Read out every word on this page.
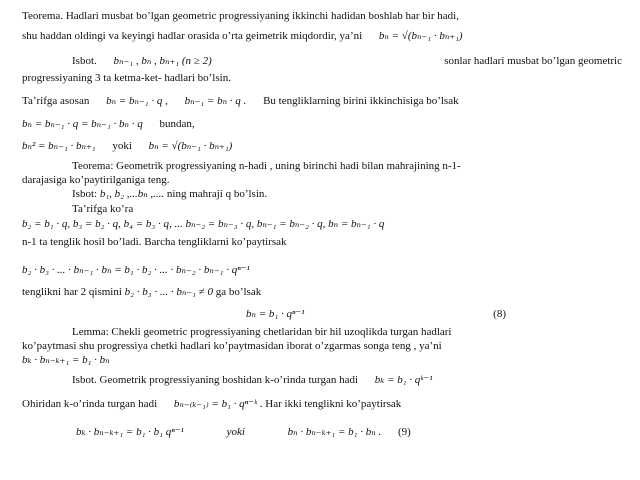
Teorema. Hadlari musbat bo’lgan geometric progressiyaning ikkinchi hadidan boshlab har bir hadi,
shu haddan oldingi va keyingi hadlar orasida o’rta geimetrik miqdordir, ya’ni bₙ = √(bₙ₋₁ · bₙ₊₁)
Isbot. bₙ₋₁ , bₙ , bₙ₊₁ (n ≥ 2)	sonlar hadlari musbat bo’lgan geometric
progressiyaning 3 ta ketma-ket- hadlari bo’lsin.
Ta’rifga asosan bₙ = bₙ₋₁ · q , bₙ₋₁ = bₙ · q . Bu tengliklarning birini ikkinchisiga bo’lsak
bₙ = bₙ₋₁ · q = bₙ₋₁ · bₙ · q bundan,
bₙ² = bₙ₋₁ · bₙ₊₁ yoki bₙ = √(bₙ₋₁ · bₙ₊₁)
Teorema: Geometrik progressiyaning n-hadi , uning birinchi hadi bilan mahrajining n-1-
darajasiga ko’paytirilganiga teng.
Isbot: b₁, b₂ ,...bₙ ,.... ning mahraji q bo’lsin.
Ta’rifga ko’ra
b₂ = b₁ · q, b₃ = b₂ · q, b₄ = b₃ · q, ... bₙ₋₂ = bₙ₋₃ · q, bₙ₋₁ = bₙ₋₂ · q, bₙ = bₙ₋₁ · q
n-1 ta tenglik hosil bo’ladi. Barcha tengliklarni ko’paytirsak
b₂ · b₃ · ... · bₙ₋₁ · bₙ = b₁ · b₂ · ... · bₙ₋₂ · bₙ₋₁ · qⁿ⁻¹
tenglikni har 2 qismini b₂ · b₃ · ... · bₙ₋₁ ≠ 0 ga bo’lsak
bₙ = b₁ · qⁿ⁻¹	(8)
Lemma: Chekli geometric progressiyaning chetlaridan bir hil uzoqlikda turgan hadlari
ko’paytmasi shu progressiya chetki hadlari ko’paytmasidan iborat o’zgarmas songa teng , ya’ni
bₖ · bₙ₋ₖ₊₁ = b₁ · bₙ
Isbot. Geometrik progressiyaning boshidan k-o’rinda turgan hadi bₖ = b₁ · qᵏ⁻¹
Ohiridan k-o’rinda turgan hadi bₙ₋₍ₖ₋₁₎ = b₁ · qⁿ⁻ᵏ . Har ikki tenglikni ko’paytirsak
bₖ · bₙ₋ₖ₊₁ = b₁ · b₁ qⁿ⁻¹	yoki	bₙ · bₙ₋ₖ₊₁ = b₁ · bₙ . (9)
